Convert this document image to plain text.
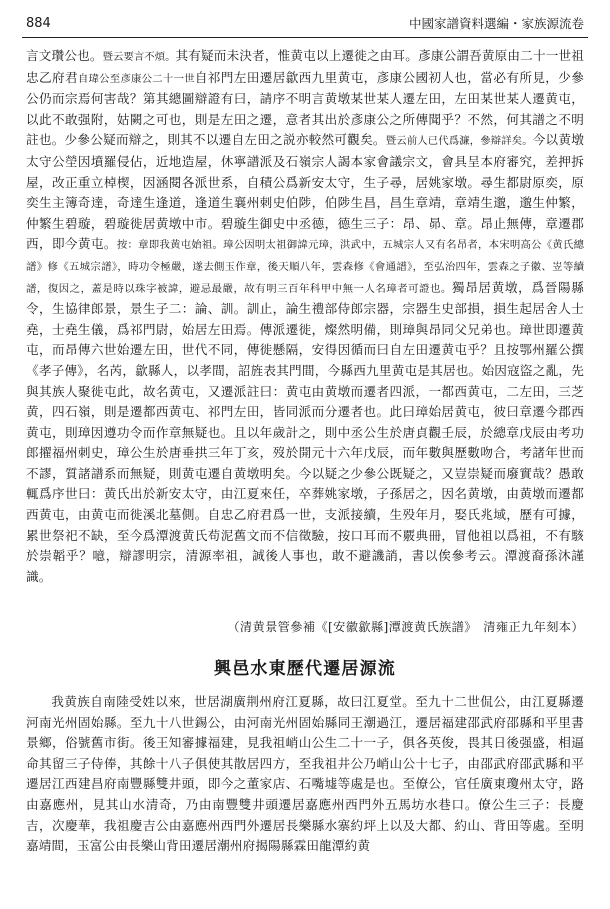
884	中國家譜資料選編・家族源流卷

言文瓚公也。暨云要言不煩。其有疑而未決者，惟黄屯以上遷徙之由耳。彥康公謂吾黄原由二十一世祖忠乙府君自瑋公至彥康公二十一世自祁門左田遷居歙西九里黄屯，彥康公國初人也，當必有所見，少參公仍而宗焉何害哉？第其總圖辯證有曰，請序不明言黄墩某世某人遷左田，左田某世某人遷黄屯，以此不敢强附，姑闕之可也，則是左田之遷，意者其出於彥康公之所傳聞乎？不然，何其譜之不明註也。少參公疑而辯之，則其不以遷自左田之説亦較然可觀矣。暨云前人已代爲濂，參辯詳矣。今以黄墩太守公塋因墳羅侵佔，近地造屋，休寧譜派及石嶺宗人謁本家會議宗文，會具呈本府審究，差押拆屋，改正重立棹楔，因涵閱各派世系，自積公爲新安太守，生子尋，居姚家墩。尋生都尉原奕，原奕生主簿奇達，奇達生逢道，逢道生襄州刺史伯陟，伯陟生昌，昌生章靖，章靖生邈，邈生仲繁，仲繁生碧璇，碧璇徙居黄墩中市。碧璇生御史中丞德，德生三子：昂、昴、章。昂止無傳，章遷郡西，即今黄屯。按：章即我黄屯始祖。璋公因明太祖御諱元璋，洪武中，五城宗人又有名昂者，本宋明高公《黄氏總譜》修《五城宗譜》，時功令極嚴，遂去側玉作章，後天順八年，雲森修《會通譜》，至弘治四年，雲森之子徽、岦等續譜，復因之，蓋是時以珠字被諱，避忌最嚴，故有明三百年科甲中無一人名璋者可證也。獨昂居黄墩，爲晉陽縣令，生協律郎景，景生子二：論、訓。訓止，論生禮部侍郎宗器，宗器生史部損，損生起居舍人士堯，士堯生儀，爲祁門尉，始居左田焉。傳派遷徙，燦然明備，則璋與昂同父兄弟也。璋世即遷黄屯，而昂傳六世始遷左田，世代不同，傳徙懸隔，安得因循而曰自左田遷黄屯乎？且按鄂州羅公撰《孝子傳》，名芮，歙縣人，以孝間，詔旌表其門間，今縣西九里黄屯是其居也。始因寇盜之亂，先與其族人聚徙屯此，故名黄屯，又遷派註曰：黄屯由黄墩而遷者四派，一都西黄屯，二左田，三芝黄，四石嶺，則是遷都西黄屯、祁門左田，皆同派而分遷者也。此曰璋始居黄屯，彼曰章遷今郡西黄屯，則璋因遵功令而作章無疑也。且以年歲計之，則中丞公生於唐貞觀壬辰，於總章戊辰由考功郎擢福州刺史，璋公生於唐垂拱三年丁亥，歿於開元十六年戊辰，而年數與歷數吻合，考諸年世而不謬，質諸譜系而無疑，則黄屯遷自黄墩明矣。今以疑之少參公既疑之，又豈崇疑而廢實哉？愚敢輒爲序世曰：黄氏出於新安太守，由江夏來任，卒葬姚家墩，子孫居之，因名黄墩，由黄墩而遷都西黄屯，由黄屯而徙溪北墓側。自忠乙府君爲一世，支派接續，生殁年月，娶氏兆域，歷有可據，累世祭祀不缺，至今爲潭渡黄氏苟泥舊文而不信徵驗，按口耳而不覈典冊，冒他祖以爲祖，不有駭於崇韜乎？噫，辯謬明宗，清源率祖，誠後人事也，敢不避譏誚，書以俟參考云。潭渡裔孫沐謹識。

（清黄景管參補《[安徽歙縣]潭渡黄氏族譜》　清雍正九年刻本）
興邑水東歷代遷居源流

我黄族自南陸受姓以來，世居湖廣荆州府江夏縣，故曰江夏堂。至九十二世侃公，由江夏縣遷河南光州固始縣。至九十八世錫公，由河南光州固始縣同王潮過江，遷居福建邵武府邵縣和平里書景鄉，俗號舊市街。後王知審據福建，見我祖峭山公生二十一子，俱各英俊，畏其日後强盛，相逼命其留三子侍俸，其餘十八子俱使其散居四方，至我祖井公乃峭山公十七子，由邵武府邵武縣和平遷居江西建昌府南豐縣雙井頭，即今之董家店、石嘴墟等處是也。至僚公，官任廣東瓊州太守，路由嘉應州，見其山水清奇，乃由南豐雙井頭遷居嘉應州西門外五馬坊水巷口。僚公生三子：長慶吉，次慶華，我祖慶吉公由嘉應州西門外遷居長樂縣水寨約坪上以及大都、約山、背田等處。至明嘉靖間，玉富公由長樂山背田遷居潮州府揭陽縣霖田龍潭約黄
